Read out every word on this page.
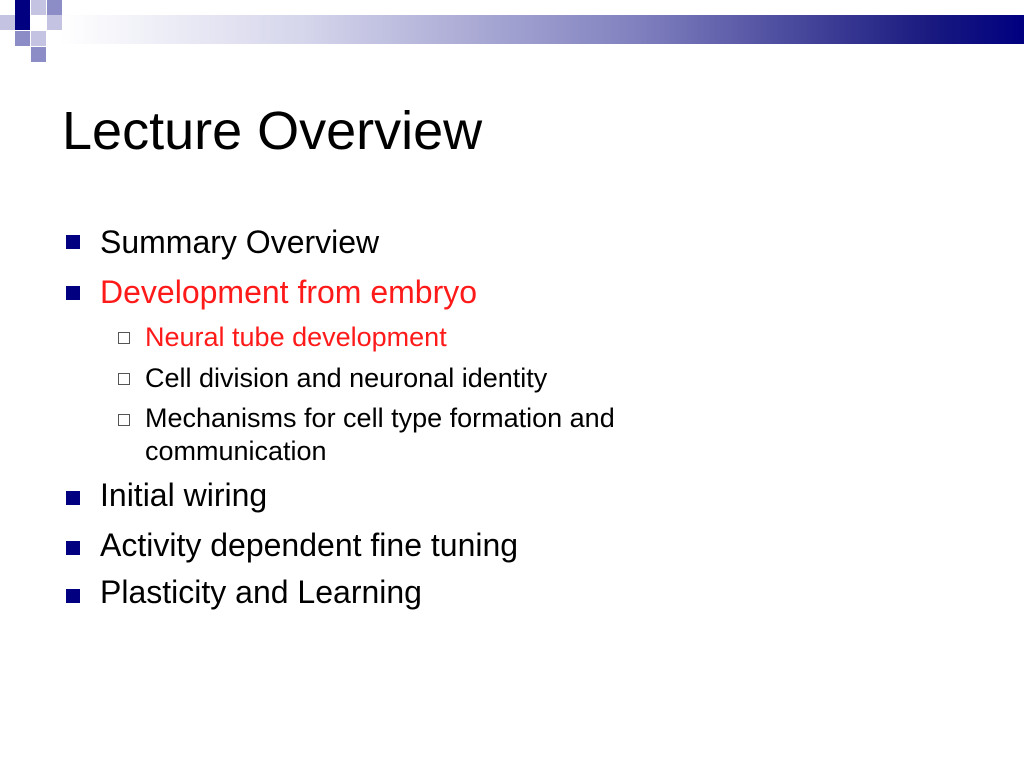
Lecture Overview
Summary Overview
Development from embryo
Neural tube development
Cell division and neuronal identity
Mechanisms for cell type formation and
communication
Initial wiring
Activity dependent fine tuning
Plasticity and Learning
